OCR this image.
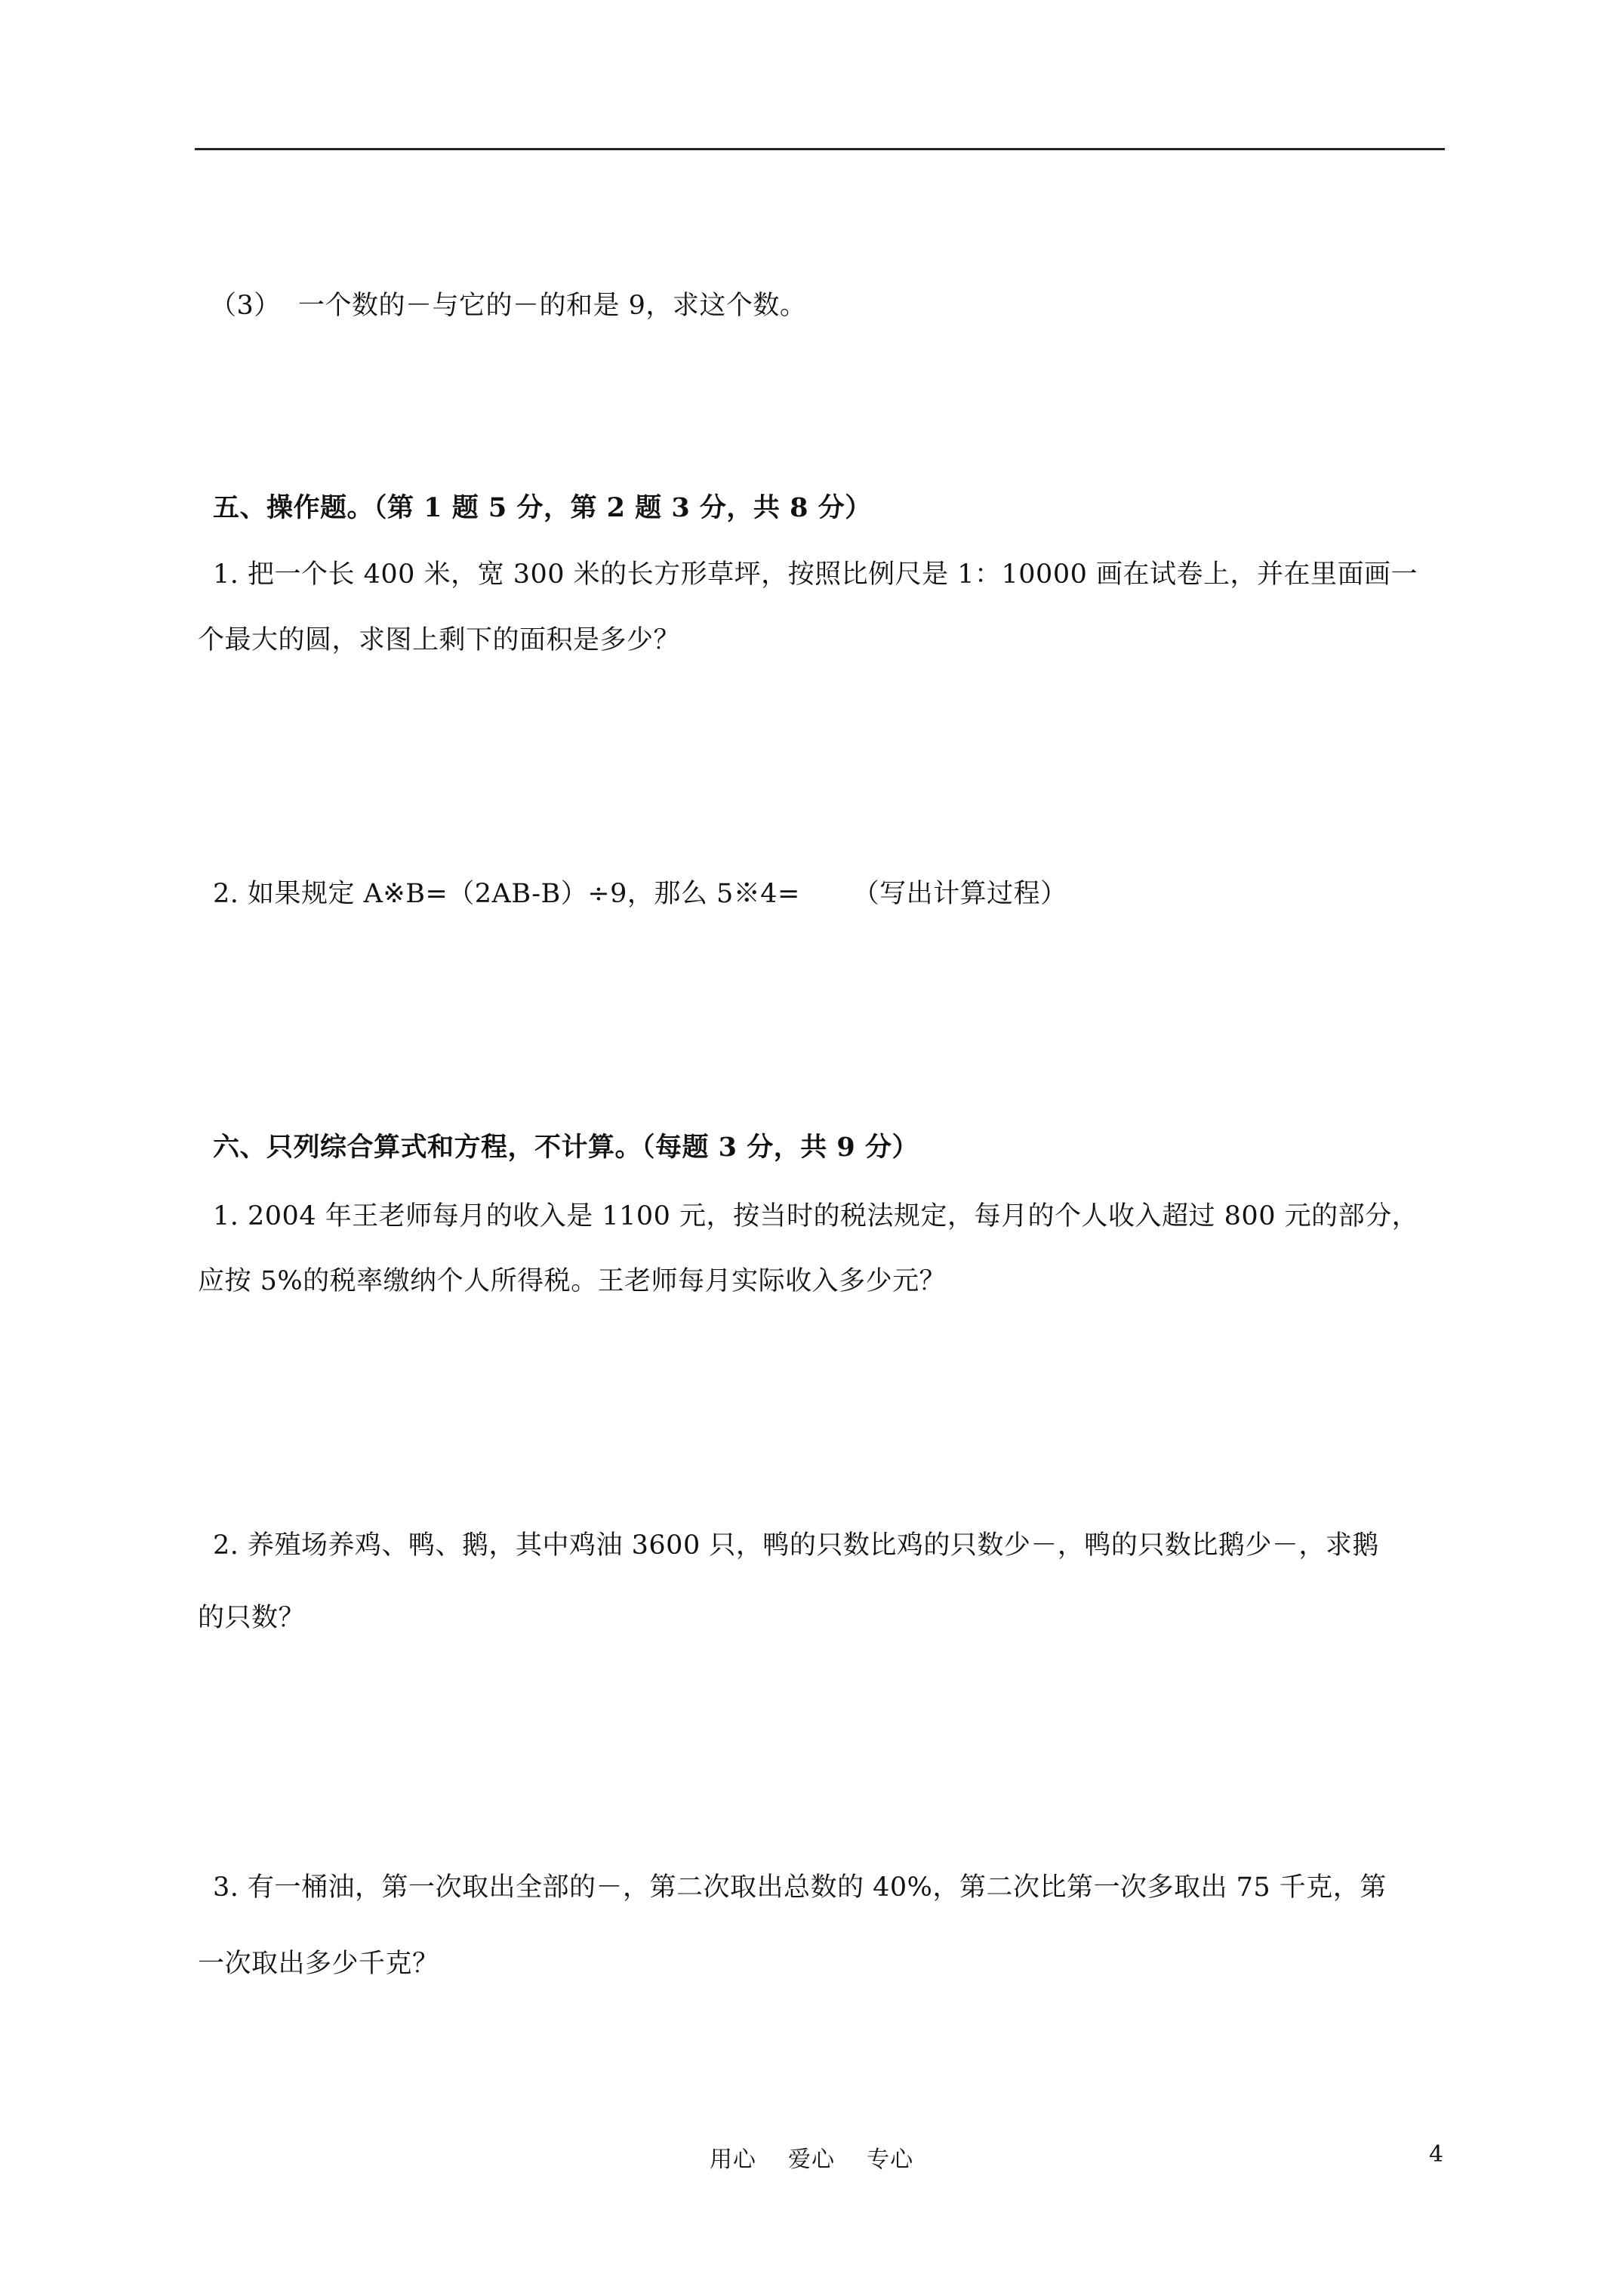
（3）  一个数的－与它的－的和是 9，求这个数。
五、操作题。（第 1 题 5 分，第 2 题 3 分，共 8 分）
1. 把一个长 400 米，宽 300 米的长方形草坪，按照比例尺是 1：10000 画在试卷上，并在里面画一
个最大的圆，求图上剩下的面积是多少？
2. 如果规定 A※B=（2AB-B）÷9，那么 5※4=      （写出计算过程）
六、只列综合算式和方程，不计算。（每题 3 分，共 9 分）
1. 2004 年王老师每月的收入是 1100 元，按当时的税法规定，每月的个人收入超过 800 元的部分，
应按 5%的税率缴纳个人所得税。王老师每月实际收入多少元？
2. 养殖场养鸡、鸭、鹅，其中鸡油 3600 只，鸭的只数比鸡的只数少－，鸭的只数比鹅少－，求鹅
的只数？
3. 有一桶油，第一次取出全部的－，第二次取出总数的 40%，第二次比第一次多取出 75 千克，第
一次取出多少千克？
用心    爱心    专心	4
